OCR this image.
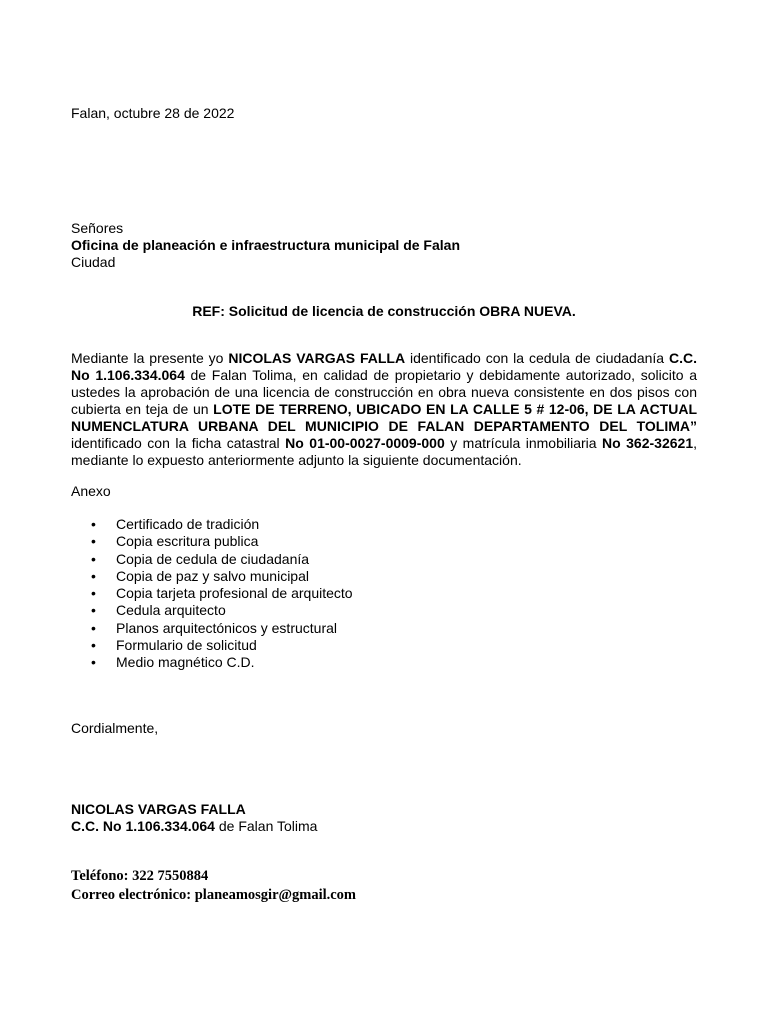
Falan, octubre 28 de 2022
Señores
Oficina de planeación e infraestructura municipal de Falan
Ciudad
REF: Solicitud de licencia de construcción OBRA NUEVA.
Mediante la presente yo NICOLAS VARGAS FALLA identificado con la cedula de ciudadanía C.C. No 1.106.334.064 de Falan Tolima, en calidad de propietario y debidamente autorizado, solicito a ustedes la aprobación de una licencia de construcción en obra nueva consistente en dos pisos con cubierta en teja de un LOTE DE TERRENO, UBICADO EN LA CALLE 5 # 12-06, DE LA ACTUAL NUMENCLATURA URBANA DEL MUNICIPIO DE FALAN DEPARTAMENTO DEL TOLIMA” identificado con la ficha catastral No 01-00-0027-0009-000 y matrícula inmobiliaria No 362-32621, mediante lo expuesto anteriormente adjunto la siguiente documentación.
Anexo
• Certificado de tradición
• Copia escritura publica
• Copia de cedula de ciudadanía
• Copia de paz y salvo municipal
• Copia tarjeta profesional de arquitecto
• Cedula arquitecto
• Planos arquitectónicos y estructural
• Formulario de solicitud
• Medio magnético C.D.
Cordialmente,
NICOLAS VARGAS FALLA
C.C. No 1.106.334.064 de Falan Tolima
Teléfono: 322 7550884
Correo electrónico: planeamosgir@gmail.com
